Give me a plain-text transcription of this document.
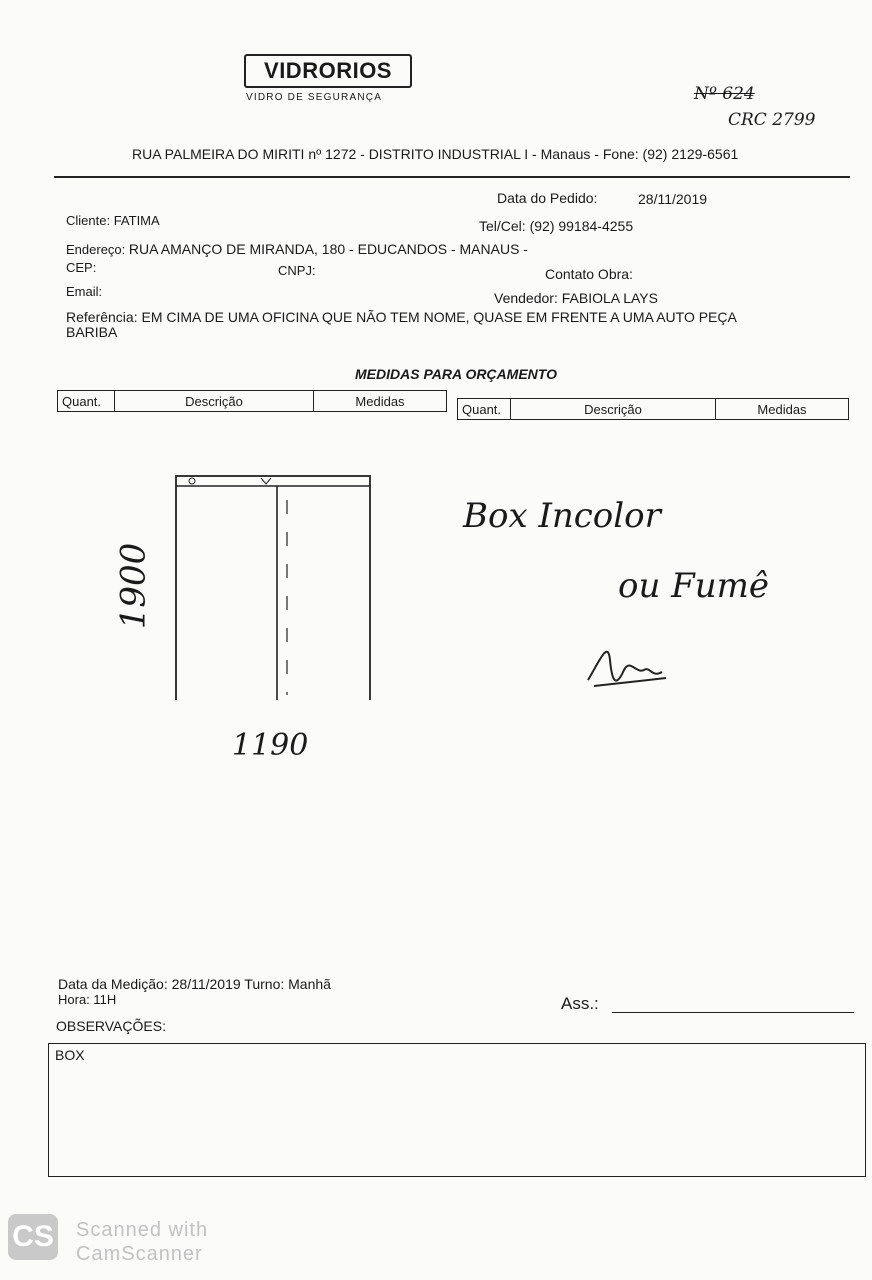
VIDRORIOS
VIDRO DE SEGURANÇA	Nº 624
CRC 2799
RUA PALMEIRA DO MIRITI nº 1272 - DISTRITO INDUSTRIAL I - Manaus - Fone: (92) 2129-6561
Data do Pedido:	28/11/2019
Cliente: FATIMA	Tel/Cel: (92) 99184-4255
Endereço: RUA AMANÇO DE MIRANDA, 180 - EDUCANDOS - MANAUS -
CEP:	CNPJ:	Contato Obra:
Email:	Vendedor: FABIOLA LAYS
Referência: EM CIMA DE UMA OFICINA QUE NÃO TEM NOME, QUASE EM FRENTE A UMA AUTO PEÇA
BARIBA
MEDIDAS PARA ORÇAMENTO
Quant.	Descrição	Medidas
Quant.	Descrição	Medidas
1900
1190
Box Incolor
ou Fumê
Data da Medição: 28/11/2019 Turno: Manhã
Hora: 11H	Ass.:
OBSERVAÇÕES:
BOX
CS Scanned with
CamScanner
